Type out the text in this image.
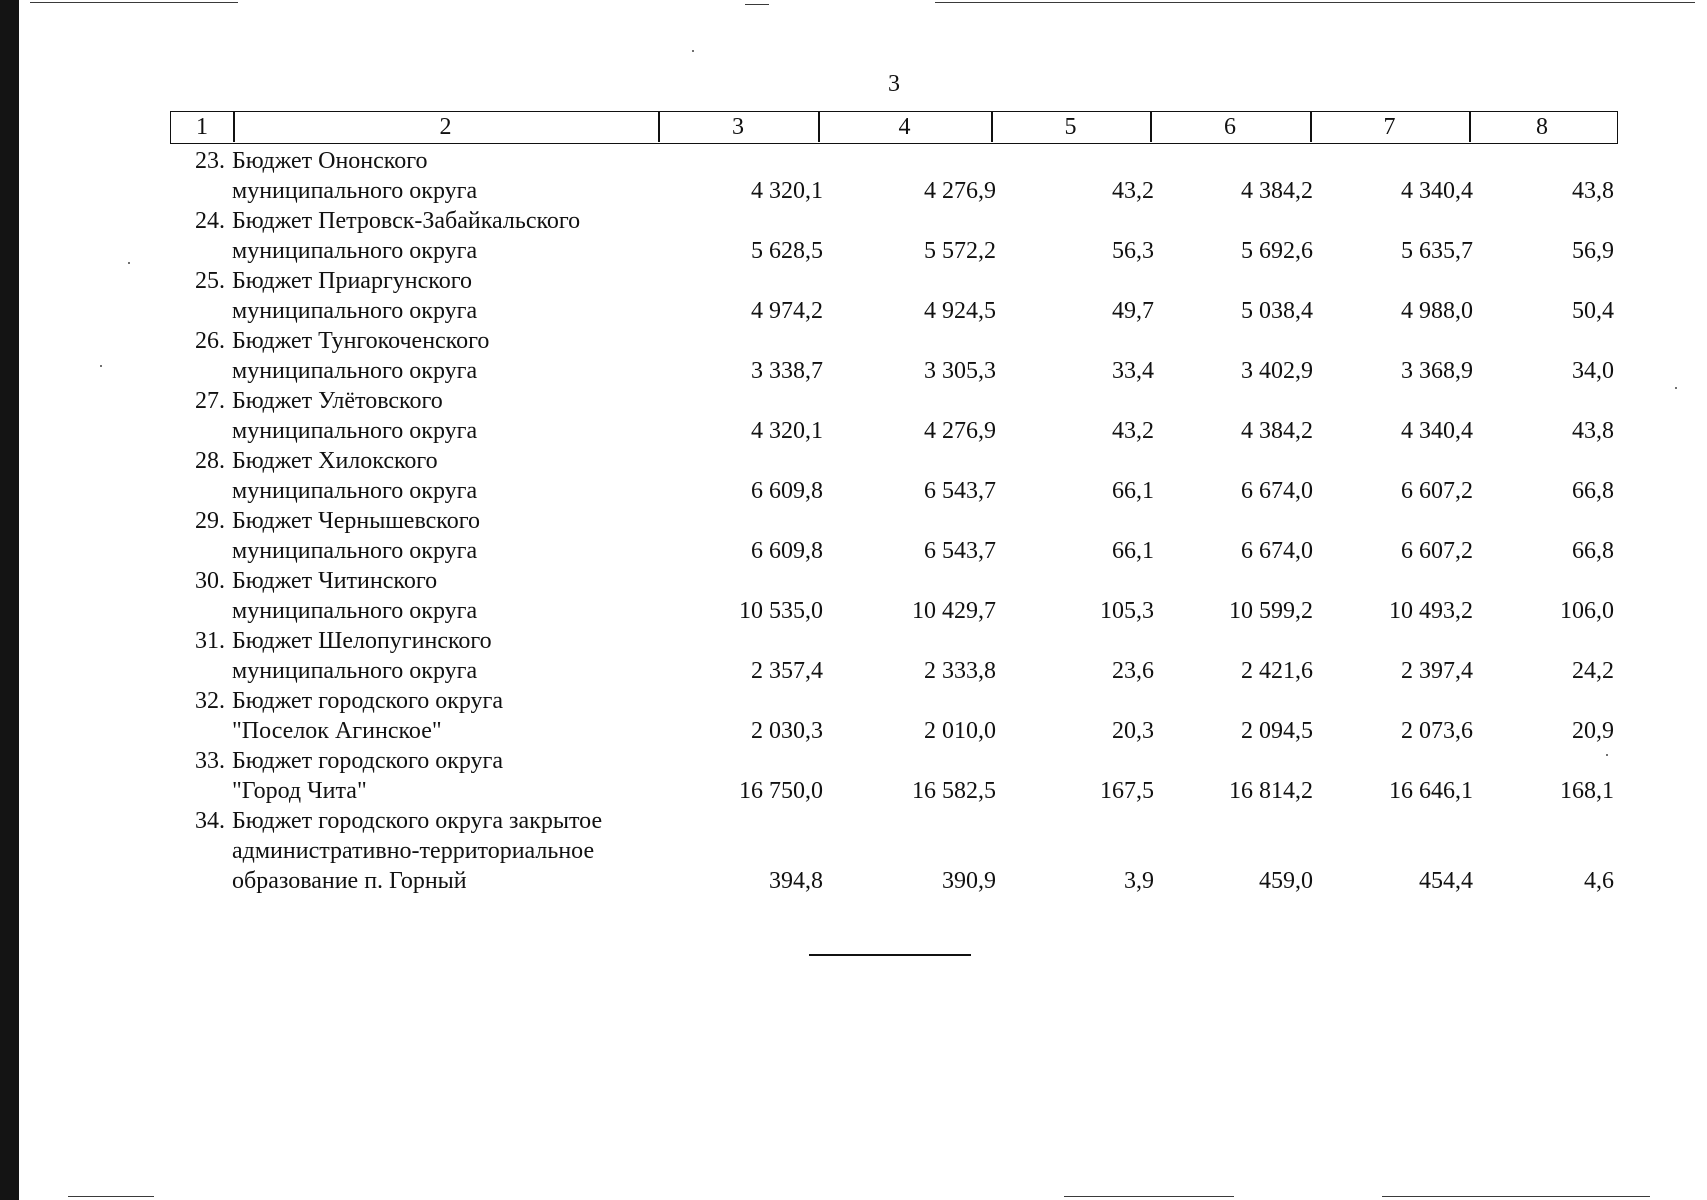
3
1	2	3	4	5	6	7	8
23. Бюджет Ононского
муниципального округа	4 320,1	4 276,9	43,2	4 384,2	4 340,4	43,8
24. Бюджет Петровск-Забайкальского
муниципального округа	5 628,5	5 572,2	56,3	5 692,6	5 635,7	56,9
25. Бюджет Приаргунского
муниципального округа	4 974,2	4 924,5	49,7	5 038,4	4 988,0	50,4
26. Бюджет Тунгокоченского
муниципального округа	3 338,7	3 305,3	33,4	3 402,9	3 368,9	34,0
27. Бюджет Улётовского
муниципального округа	4 320,1	4 276,9	43,2	4 384,2	4 340,4	43,8
28. Бюджет Хилокского
муниципального округа	6 609,8	6 543,7	66,1	6 674,0	6 607,2	66,8
29. Бюджет Чернышевского
муниципального округа	6 609,8	6 543,7	66,1	6 674,0	6 607,2	66,8
30. Бюджет Читинского
муниципального округа	10 535,0	10 429,7	105,3	10 599,2	10 493,2	106,0
31. Бюджет Шелопугинского
муниципального округа	2 357,4	2 333,8	23,6	2 421,6	2 397,4	24,2
32. Бюджет городского округа
"Поселок Агинское"	2 030,3	2 010,0	20,3	2 094,5	2 073,6	20,9
33. Бюджет городского округа
"Город Чита"	16 750,0	16 582,5	167,5	16 814,2	16 646,1	168,1
34. Бюджет городского округа закрытое
административно-территориальное
образование п. Горный	394,8	390,9	3,9	459,0	454,4	4,6
